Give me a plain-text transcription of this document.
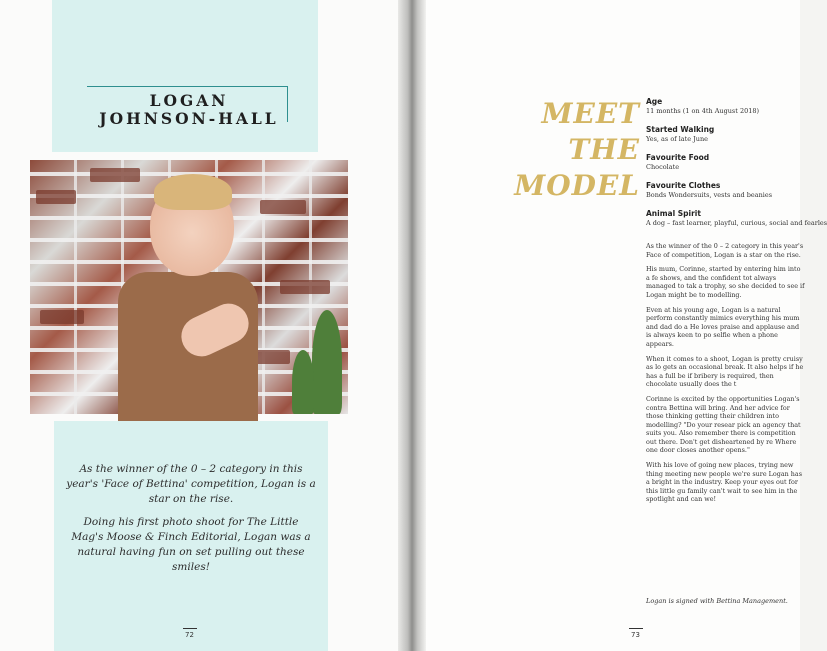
LOGAN
JOHNSON-HALL

As the winner of the 0 – 2 category in this year's 'Face of Bettina' competition, Logan is a star on the rise.

Doing his first photo shoot for The Little Mag's Moose & Finch Editorial, Logan was a natural having fun on set pulling out these smiles!

72
MEET
THE
MODEL
Age
11 months (1 on 4th August 2018)
Started Walking
Yes, as of late June
Favourite Food
Chocolate
Favourite Clothes
Bonds Wondersuits, vests and beanies
Animal Spirit
A dog – fast learner, playful, curious, social and fearles

As the winner of the 0 – 2 category in this year's Face of competition, Logan is a star on the rise.

His mum, Corinne, started by entering him into a fe shows, and the confident tot always managed to tak a trophy, so she decided to see if Logan might be to modelling.

Even at his young age, Logan is a natural perform constantly mimics everything his mum and dad do a He loves praise and applause and is always keen to po selfie when a phone appears.

When it comes to a shoot, Logan is pretty cruisy as lo gets an occasional break. It also helps if he has a full be if bribery is required, then chocolate usually does the t

Corinne is excited by the opportunities Logan's contra Bettina will bring. And her advice for those thinking getting their children into modelling? "Do your resear pick an agency that suits you. Also remember there is competition out there. Don't get disheartened by re Where one door closes another opens."

With his love of going new places, trying new thing meeting new people we're sure Logan has a bright in the industry. Keep your eyes out for this little gu family can't wait to see him in the spotlight and can we!

Logan is signed with Bettina Management.
73
